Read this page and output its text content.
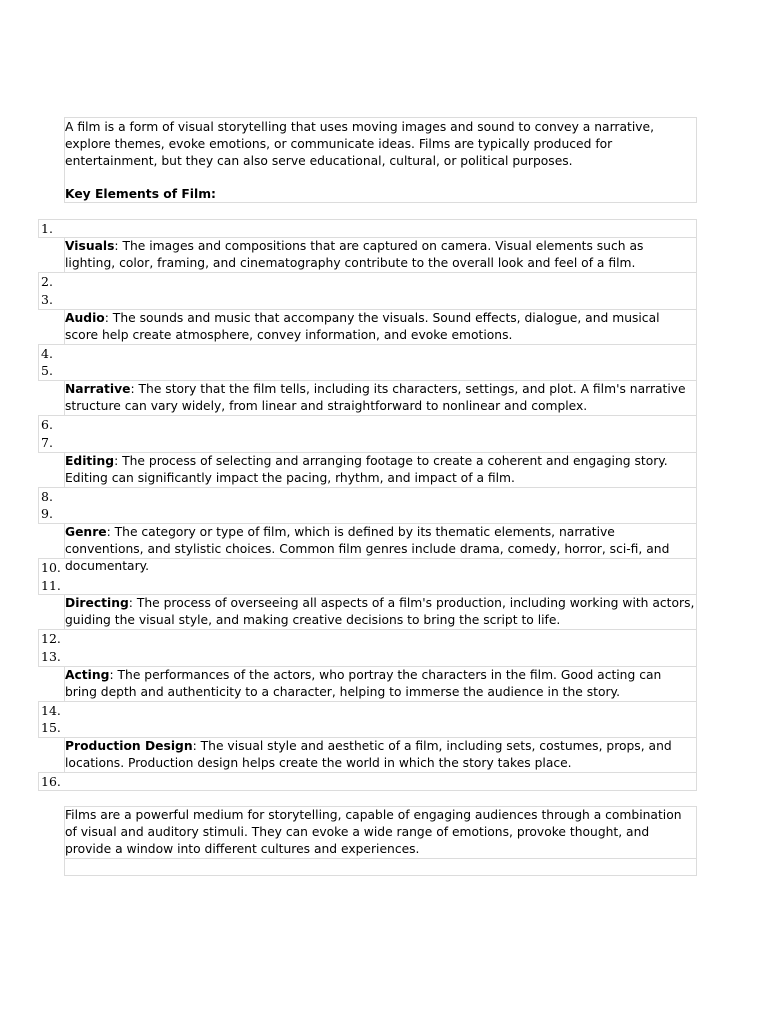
A film is a form of visual storytelling that uses moving images and sound to convey a narrative, explore themes, evoke emotions, or communicate ideas. Films are typically produced for entertainment, but they can also serve educational, cultural, or political purposes.

Key Elements of Film:

1.
2.
3.
4.
5.
6.
7.
8.
9.
10.
11.
12.
13.
14.
15.
16.

Visuals: The images and compositions that are captured on camera. Visual elements such as lighting, color, framing, and cinematography contribute to the overall look and feel of a film.

Audio: The sounds and music that accompany the visuals. Sound effects, dialogue, and musical score help create atmosphere, convey information, and evoke emotions.

Narrative: The story that the film tells, including its characters, settings, and plot. A film's narrative structure can vary widely, from linear and straightforward to nonlinear and complex.

Editing: The process of selecting and arranging footage to create a coherent and engaging story. Editing can significantly impact the pacing, rhythm, and impact of a film.

Genre: The category or type of film, which is defined by its thematic elements, narrative conventions, and stylistic choices. Common film genres include drama, comedy, horror, sci-fi, and documentary.

Directing: The process of overseeing all aspects of a film's production, including working with actors, guiding the visual style, and making creative decisions to bring the script to life.

Acting: The performances of the actors, who portray the characters in the film. Good acting can bring depth and authenticity to a character, helping to immerse the audience in the story.

Production Design: The visual style and aesthetic of a film, including sets, costumes, props, and locations. Production design helps create the world in which the story takes place.

Films are a powerful medium for storytelling, capable of engaging audiences through a combination of visual and auditory stimuli. They can evoke a wide range of emotions, provoke thought, and provide a window into different cultures and experiences.
